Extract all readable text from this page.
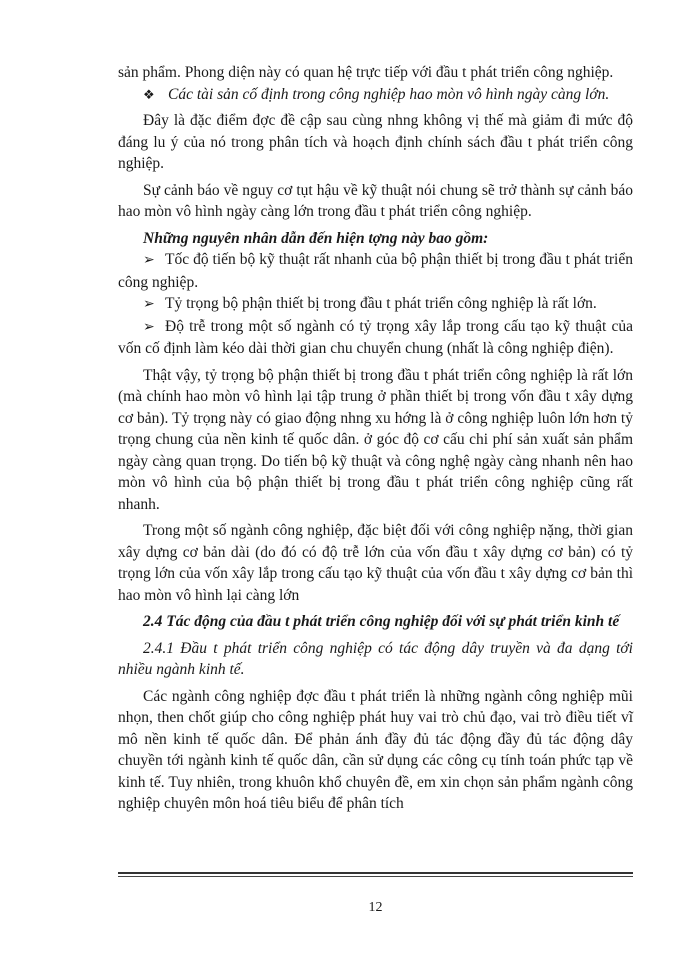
sản phẩm. Phong diện này có quan hệ trực tiếp với đầu t phát triển công nghiệp.

❖ Các tài sản cố định trong công nghiệp hao mòn vô hình ngày càng lớn.

Đây là đặc điểm đợc đề cập sau cùng nhng không vị thế mà giảm đi mức độ đáng lu ý của nó trong phân tích và hoạch định chính sách đầu t phát triển công nghiệp.

Sự cảnh báo về nguy cơ tụt hậu về kỹ thuật nói chung sẽ trở thành sự cảnh báo hao mòn vô hình ngày càng lớn trong đầu t phát triển công nghiệp.

Những nguyên nhân dẫn đến hiện tợng này bao gồm:

➢ Tốc độ tiến bộ kỹ thuật rất nhanh của bộ phận thiết bị trong đầu t phát triển công nghiệp.

➢ Tỷ trọng bộ phận thiết bị trong đầu t phát triển công nghiệp là rất lớn.

➢ Độ trễ trong một số ngành có tỷ trọng xây lắp trong cấu tạo kỹ thuật của vốn cố định làm kéo dài thời gian chu chuyển chung (nhất là công nghiệp điện).

Thật vậy, tỷ trọng bộ phận thiết bị trong đầu t phát triển công nghiệp là rất lớn (mà chính hao mòn vô hình lại tập trung ở phần thiết bị trong vốn đầu t xây dựng cơ bản). Tỷ trọng này có giao động nhng xu hớng là ở công nghiệp luôn lớn hơn tỷ trọng chung của nền kinh tế quốc dân. ở góc độ cơ cấu chi phí sản xuất sản phẩm ngày càng quan trọng. Do tiến bộ kỹ thuật và công nghệ ngày càng nhanh nên hao mòn vô hình của bộ phận thiết bị trong đầu t phát triển công nghiệp cũng rất nhanh.

Trong một số ngành công nghiệp, đặc biệt đối với công nghiệp nặng, thời gian xây dựng cơ bản dài (do đó có độ trễ lớn của vốn đầu t xây dựng cơ bản) có tỷ trọng lớn của vốn xây lắp trong cấu tạo kỹ thuật của vốn đầu t xây dựng cơ bản thì hao mòn vô hình lại càng lớn

2.4 Tác động của đầu t phát triển công nghiệp đối với sự phát triển kinh tế

2.4.1 Đầu t phát triển công nghiệp có tác động dây truyền và đa dạng tới nhiều ngành kinh tế.

Các ngành công nghiệp đợc đầu t phát triển là những ngành công nghiệp mũi nhọn, then chốt giúp cho công nghiệp phát huy vai trò chủ đạo, vai trò điều tiết vĩ mô nền kinh tế quốc dân. Để phản ánh đầy đủ tác động đầy đủ tác động dây chuyền tới ngành kinh tế quốc dân, cần sử dụng các công cụ tính toán phức tạp về kinh tế. Tuy nhiên, trong khuôn khổ chuyên đề, em xin chọn sản phẩm ngành công nghiệp chuyên môn hoá tiêu biểu để phân tích

12
